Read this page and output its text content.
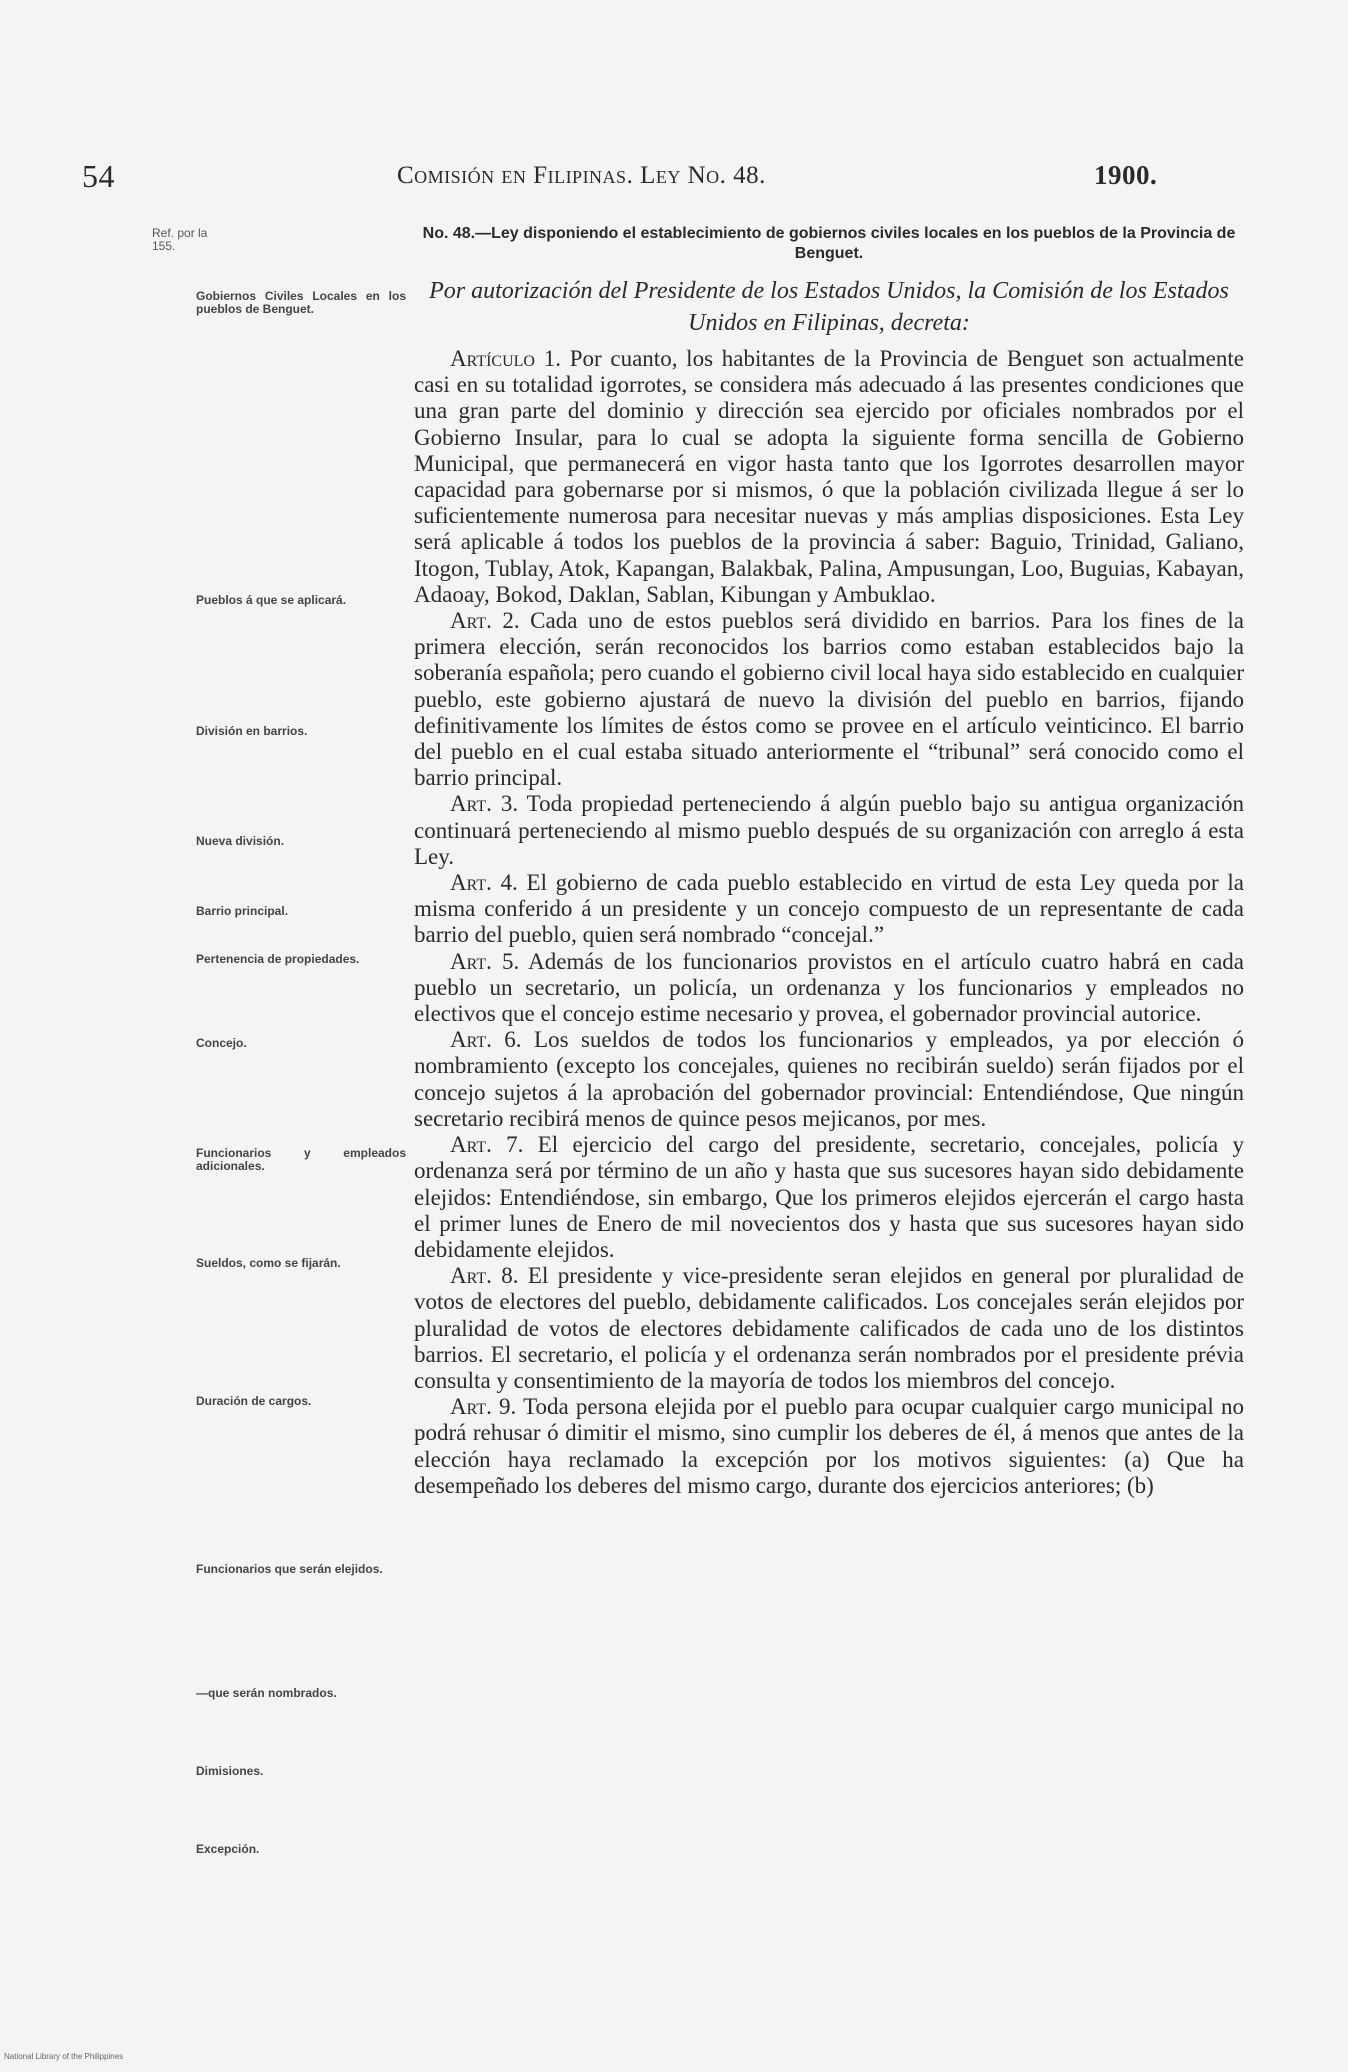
54	Comisión en Filipinas. Ley No. 48.	1900.
Ref. por la 155.
No. 48.—Ley disponiendo el establecimiento de gobiernos civiles locales en los pueblos de la Provincia de Benguet.
Por autorización del Presidente de los Estados Unidos, la Comisión de los Estados Unidos en Filipinas, decreta:
Gobiernos Civiles Locales en los pueblos de Benguet.
Pueblos á que se aplicará.
División en barrios.
Nueva división.
Barrio principal.
Pertenencia de propiedades.
Concejo.
Funcionarios y empleados adicionales.
Sueldos, como se fijarán.
Duración de cargos.
Funcionarios que serán elejidos.
—que serán nombrados.
Dimisiones.
Excepción.

Artículo 1. Por cuanto, los habitantes de la Provincia de Benguet son actualmente casi en su totalidad igorrotes, se considera más adecuado á las presentes condiciones que una gran parte del dominio y dirección sea ejercido por oficiales nombrados por el Gobierno Insular, para lo cual se adopta la siguiente forma sencilla de Gobierno Municipal, que permanecerá en vigor hasta tanto que los Igorrotes desarrollen mayor capacidad para gobernarse por si mismos, ó que la población civilizada llegue á ser lo suficientemente numerosa para necesitar nuevas y más amplias disposiciones. Esta Ley será aplicable á todos los pueblos de la provincia á saber: Baguio, Trinidad, Galiano, Itogon, Tublay, Atok, Kapangan, Balakbak, Palina, Ampusungan, Loo, Buguias, Kabayan, Adaoay, Bokod, Daklan, Sablan, Kibungan y Ambuklao.

Art. 2. Cada uno de estos pueblos será dividido en barrios. Para los fines de la primera elección, serán reconocidos los barrios como estaban establecidos bajo la soberanía española; pero cuando el gobierno civil local haya sido establecido en cualquier pueblo, este gobierno ajustará de nuevo la división del pueblo en barrios, fijando definitivamente los límites de éstos como se provee en el artículo veinticinco. El barrio del pueblo en el cual estaba situado anteriormente el “tribunal” será conocido como el barrio principal.

Art. 3. Toda propiedad perteneciendo á algún pueblo bajo su antigua organización continuará perteneciendo al mismo pueblo después de su organización con arreglo á esta Ley.

Art. 4. El gobierno de cada pueblo establecido en virtud de esta Ley queda por la misma conferido á un presidente y un concejo compuesto de un representante de cada barrio del pueblo, quien será nombrado “concejal.”

Art. 5. Además de los funcionarios provistos en el artículo cuatro habrá en cada pueblo un secretario, un policía, un ordenanza y los funcionarios y empleados no electivos que el concejo estime necesario y provea, el gobernador provincial autorice.

Art. 6. Los sueldos de todos los funcionarios y empleados, ya por elección ó nombramiento (excepto los concejales, quienes no recibirán sueldo) serán fijados por el concejo sujetos á la aprobación del gobernador provincial: Entendiéndose, Que ningún secretario recibirá menos de quince pesos mejicanos, por mes.

Art. 7. El ejercicio del cargo del presidente, secretario, concejales, policía y ordenanza será por término de un año y hasta que sus sucesores hayan sido debidamente elejidos: Entendiéndose, sin embargo, Que los primeros elejidos ejercerán el cargo hasta el primer lunes de Enero de mil novecientos dos y hasta que sus sucesores hayan sido debidamente elejidos.

Art. 8. El presidente y vice-presidente seran elejidos en general por pluralidad de votos de electores del pueblo, debidamente calificados. Los concejales serán elejidos por pluralidad de votos de electores debidamente calificados de cada uno de los distintos barrios. El secretario, el policía y el ordenanza serán nombrados por el presidente prévia consulta y consentimiento de la mayoría de todos los miembros del concejo.

Art. 9. Toda persona elejida por el pueblo para ocupar cualquier cargo municipal no podrá rehusar ó dimitir el mismo, sino cumplir los deberes de él, á menos que antes de la elección haya reclamado la excepción por los motivos siguientes: (a) Que ha desempeñado los deberes del mismo cargo, durante dos ejercicios anteriores; (b)

National Library of the Philippines
